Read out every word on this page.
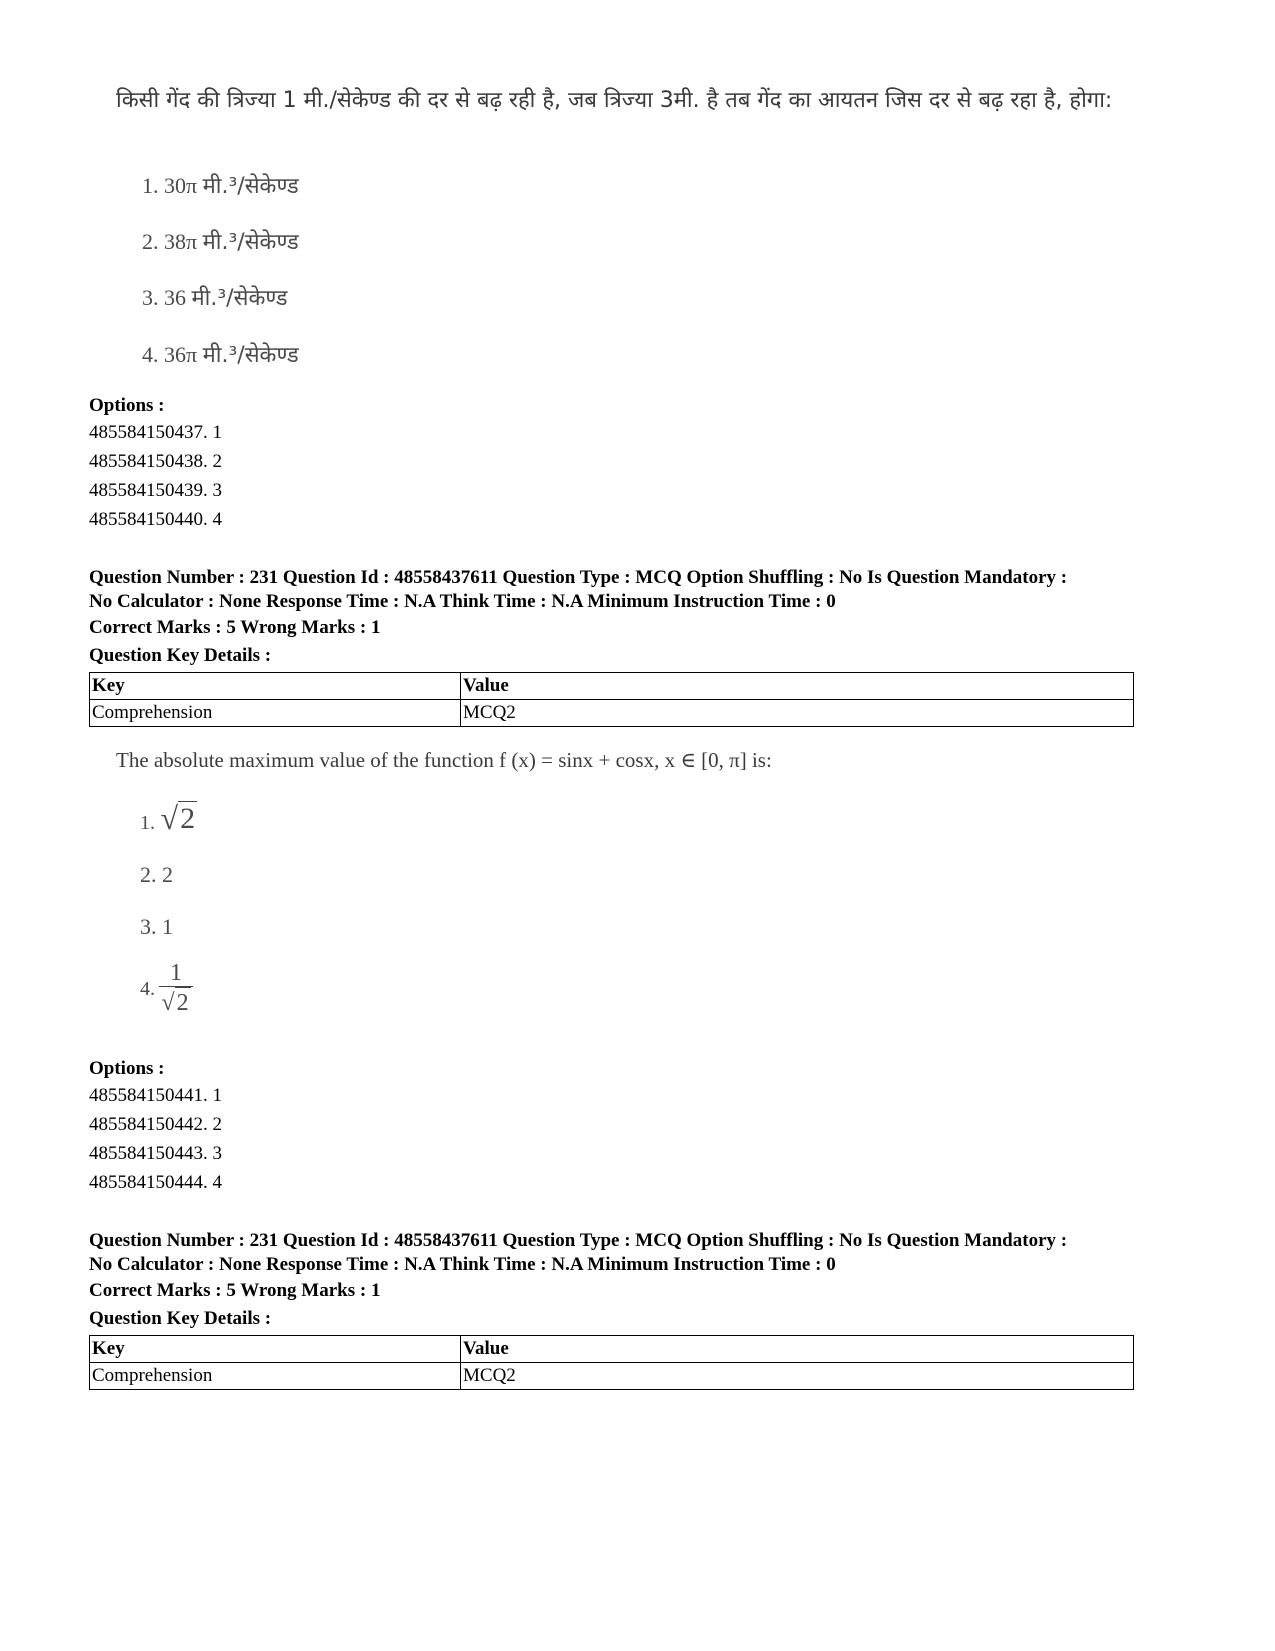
किसी गेंद की त्रिज्या 1 मी./सेकेण्ड की दर से बढ़ रही है, जब त्रिज्या 3मी. है तब गेंद का आयतन जिस दर से बढ़ रहा है, होगा:
1. 30π मी.³/सेकेण्ड
2. 38π मी.³/सेकेण्ड
3. 36 मी.³/सेकेण्ड
4. 36π मी.³/सेकेण्ड
Options :
485584150437. 1
485584150438. 2
485584150439. 3
485584150440. 4
Question Number : 231 Question Id : 48558437611 Question Type : MCQ Option Shuffling : No Is Question Mandatory :
No Calculator : None Response Time : N.A Think Time : N.A Minimum Instruction Time : 0
Correct Marks : 5 Wrong Marks : 1
Question Key Details :
Key	Value
Comprehension	MCQ2
The absolute maximum value of the function f (x) = sinx + cosx, x ∈ [0, π] is:
1. √ 2
2. 2
3. 1
4. $\frac{1}{√ 2}$
Options :
485584150441. 1
485584150442. 2
485584150443. 3
485584150444. 4
Question Number : 231 Question Id : 48558437611 Question Type : MCQ Option Shuffling : No Is Question Mandatory :
No Calculator : None Response Time : N.A Think Time : N.A Minimum Instruction Time : 0
Correct Marks : 5 Wrong Marks : 1
Question Key Details :
Key	Value
Comprehension	MCQ2
